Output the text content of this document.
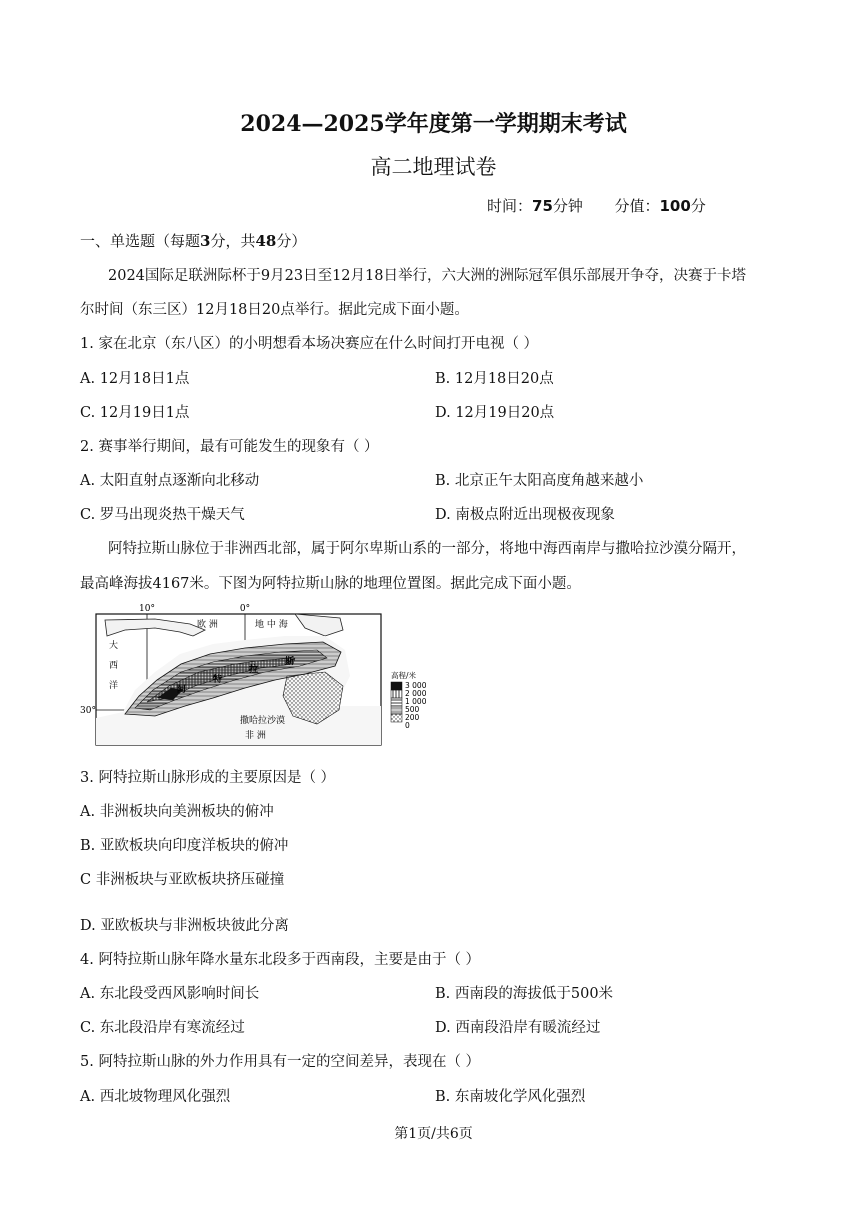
2024—2025学年度第一学期期末考试
高二地理试卷
时间：75分钟 分值：100分
一、单选题（每题3分，共48分）
2024国际足联洲际杯于9月23日至12月18日举行，六大洲的洲际冠军俱乐部展开争夺，决赛于卡塔
尔时间（东三区）12月18日20点举行。据此完成下面小题。
1. 家在北京（东八区）的小明想看本场决赛应在什么时间打开电视（ ）
A. 12月18日1点	B. 12月18日20点
C. 12月19日1点	D. 12月19日20点
2. 赛事举行期间，最有可能发生的现象有（ ）
A. 太阳直射点逐渐向北移动	B. 北京正午太阳高度角越来越小
C. 罗马出现炎热干燥天气	D. 南极点附近出现极夜现象
阿特拉斯山脉位于非洲西北部，属于阿尔卑斯山系的一部分，将地中海西南岸与撒哈拉沙漠分隔开，
最高峰海拔4167米。下图为阿特拉斯山脉的地理位置图。据此完成下面小题。
10°	0°
30°
欧 洲	地 中 海
大
西
洋
撒哈拉沙漠
非 洲
阿
特
拉
斯
高程/米
3 000
2 000
1 000
500
200
0
3. 阿特拉斯山脉形成的主要原因是（ ）
A. 非洲板块向美洲板块的俯冲
B. 亚欧板块向印度洋板块的俯冲
C 非洲板块与亚欧板块挤压碰撞
D. 亚欧板块与非洲板块彼此分离
4. 阿特拉斯山脉年降水量东北段多于西南段，主要是由于（ ）
A. 东北段受西风影响时间长	B. 西南段的海拔低于500米
C. 东北段沿岸有寒流经过	D. 西南段沿岸有暖流经过
5. 阿特拉斯山脉的外力作用具有一定的空间差异，表现在（ ）
A. 西北坡物理风化强烈	B. 东南坡化学风化强烈
第1页/共6页
